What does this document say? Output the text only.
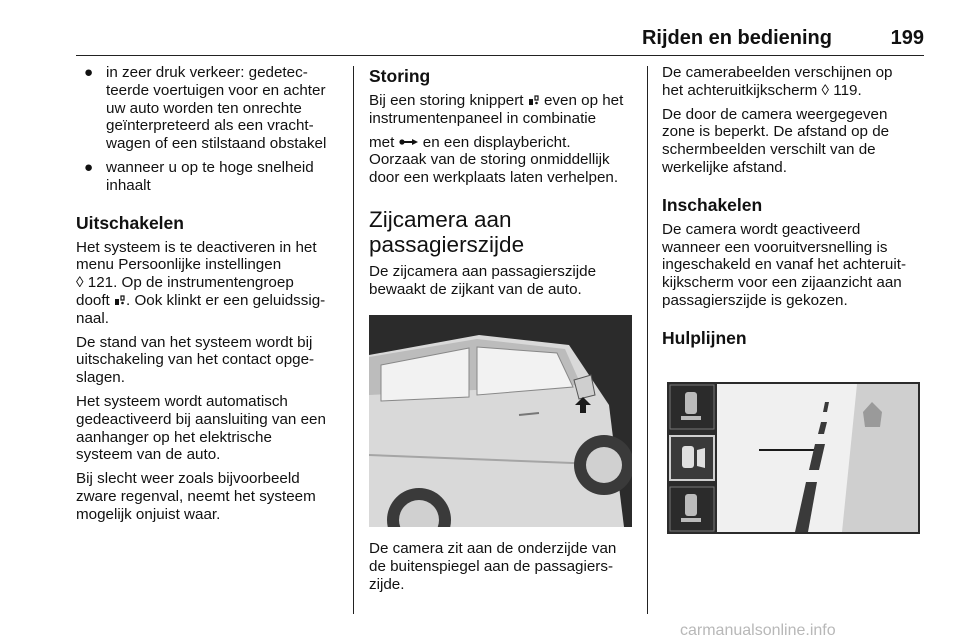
Rijden en bediening	199
● in zeer druk verkeer: gedetec-
teerde voertuigen voor en achter
uw auto worden ten onrechte
geïnterpreteerd als een vracht-
wagen of een stilstaand obstakel
● wanneer u op te hoge snelheid
inhaalt
Uitschakelen

Het systeem is te deactiveren in het
menu Persoonlijke instellingen
◊ 121. Op de instrumentengroep
dooft . Ook klinkt er een geluidssig-
naal.

De stand van het systeem wordt bij
uitschakeling van het contact opge-
slagen.

Het systeem wordt automatisch
gedeactiveerd bij aansluiting van een
aanhanger op het elektrische
systeem van de auto.

Bij slecht weer zoals bijvoorbeeld
zware regenval, neemt het systeem
mogelijk onjuist waar.

Storing

Bij een storing knippert even op het
instrumentenpaneel in combinatie
met en een displaybericht.
Oorzaak van de storing onmiddellijk
door een werkplaats laten verhelpen.

Zijcamera aan
passagierszijde

De zijcamera aan passagierszijde
bewaakt de zijkant van de auto.

De camera zit aan de onderzijde van
de buitenspiegel aan de passagiers-
zijde.

De camerabeelden verschijnen op
het achteruitkijkscherm ◊ 119.

De door de camera weergegeven
zone is beperkt. De afstand op de
schermbeelden verschilt van de
werkelijke afstand.

Inschakelen

De camera wordt geactiveerd
wanneer een vooruitversnelling is
ingeschakeld en vanaf het achteruit-
kijkscherm voor een zijaanzicht aan
passagierszijde is gekozen.

Hulplijnen
carmanualsonline.info
